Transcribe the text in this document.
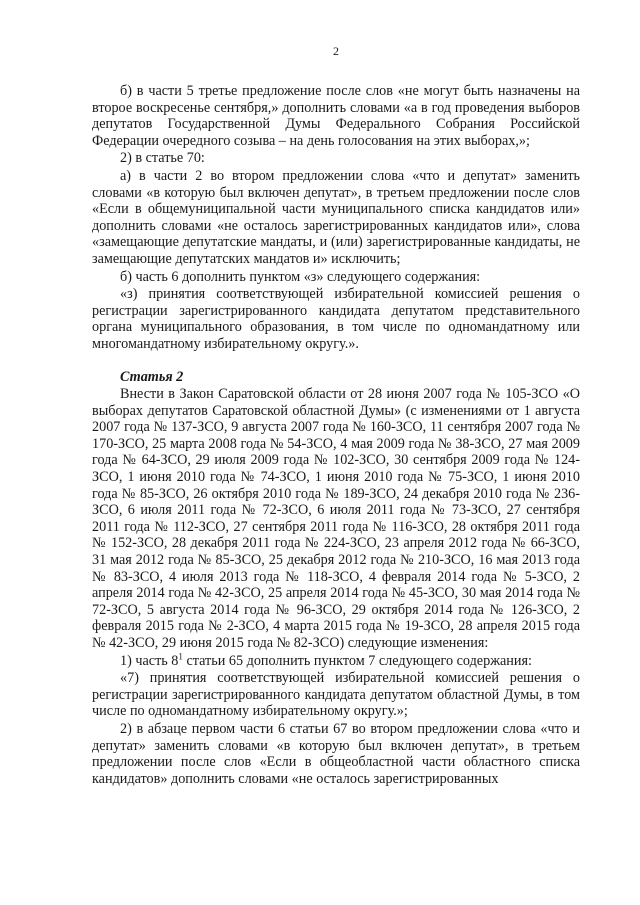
2

б) в части 5 третье предложение после слов «не могут быть назначены на второе воскресенье сентября,» дополнить словами «а в год проведения выборов депутатов Государственной Думы Федерального Собрания Российской Федерации очередного созыва – на день голосования на этих выборах,»;

2) в статье 70:

а) в части 2 во втором предложении слова «что и депутат» заменить словами «в которую был включен депутат», в третьем предложении после слов «Если в общемуниципальной части муниципального списка кандидатов или» дополнить словами «не осталось зарегистрированных кандидатов или», слова «замещающие депутатские мандаты, и (или) зарегистрированные кандидаты, не замещающие депутатских мандатов и» исключить;

б) часть 6 дополнить пунктом «з» следующего содержания:

«з) принятия соответствующей избирательной комиссией решения о регистрации зарегистрированного кандидата депутатом представительного органа муниципального образования, в том числе по одномандатному или многомандатному избирательному округу.».

Статья 2

Внести в Закон Саратовской области от 28 июня 2007 года № 105-ЗСО «О выборах депутатов Саратовской областной Думы» (с изменениями от 1 августа 2007 года № 137-ЗСО, 9 августа 2007 года № 160-ЗСО, 11 сентября 2007 года № 170-ЗСО, 25 марта 2008 года № 54-ЗСО, 4 мая 2009 года № 38-ЗСО, 27 мая 2009 года № 64-ЗСО, 29 июля 2009 года № 102-ЗСО, 30 сентября 2009 года № 124-ЗСО, 1 июня 2010 года № 74-ЗСО, 1 июня 2010 года № 75-ЗСО, 1 июня 2010 года № 85-ЗСО, 26 октября 2010 года № 189-ЗСО, 24 декабря 2010 года № 236-ЗСО, 6 июля 2011 года № 72-ЗСО, 6 июля 2011 года № 73-ЗСО, 27 сентября 2011 года № 112-ЗСО, 27 сентября 2011 года № 116-ЗСО, 28 октября 2011 года № 152-ЗСО, 28 декабря 2011 года № 224-ЗСО, 23 апреля 2012 года № 66-ЗСО, 31 мая 2012 года № 85-ЗСО, 25 декабря 2012 года № 210-ЗСО, 16 мая 2013 года № 83-ЗСО, 4 июля 2013 года № 118-ЗСО, 4 февраля 2014 года № 5-ЗСО, 2 апреля 2014 года № 42-ЗСО, 25 апреля 2014 года № 45-ЗСО, 30 мая 2014 года № 72-ЗСО, 5 августа 2014 года № 96-ЗСО, 29 октября 2014 года № 126-ЗСО, 2 февраля 2015 года № 2-ЗСО, 4 марта 2015 года № 19-ЗСО, 28 апреля 2015 года № 42-ЗСО, 29 июня 2015 года № 82-ЗСО) следующие изменения:

1) часть $8^1$ статьи 65 дополнить пунктом 7 следующего содержания:

«7) принятия соответствующей избирательной комиссией решения о регистрации зарегистрированного кандидата депутатом областной Думы, в том числе по одномандатному избирательному округу.»;

2) в абзаце первом части 6 статьи 67 во втором предложении слова «что и депутат» заменить словами «в которую был включен депутат», в третьем предложении после слов «Если в общеобластной части областного списка кандидатов» дополнить словами «не осталось зарегистрированных
